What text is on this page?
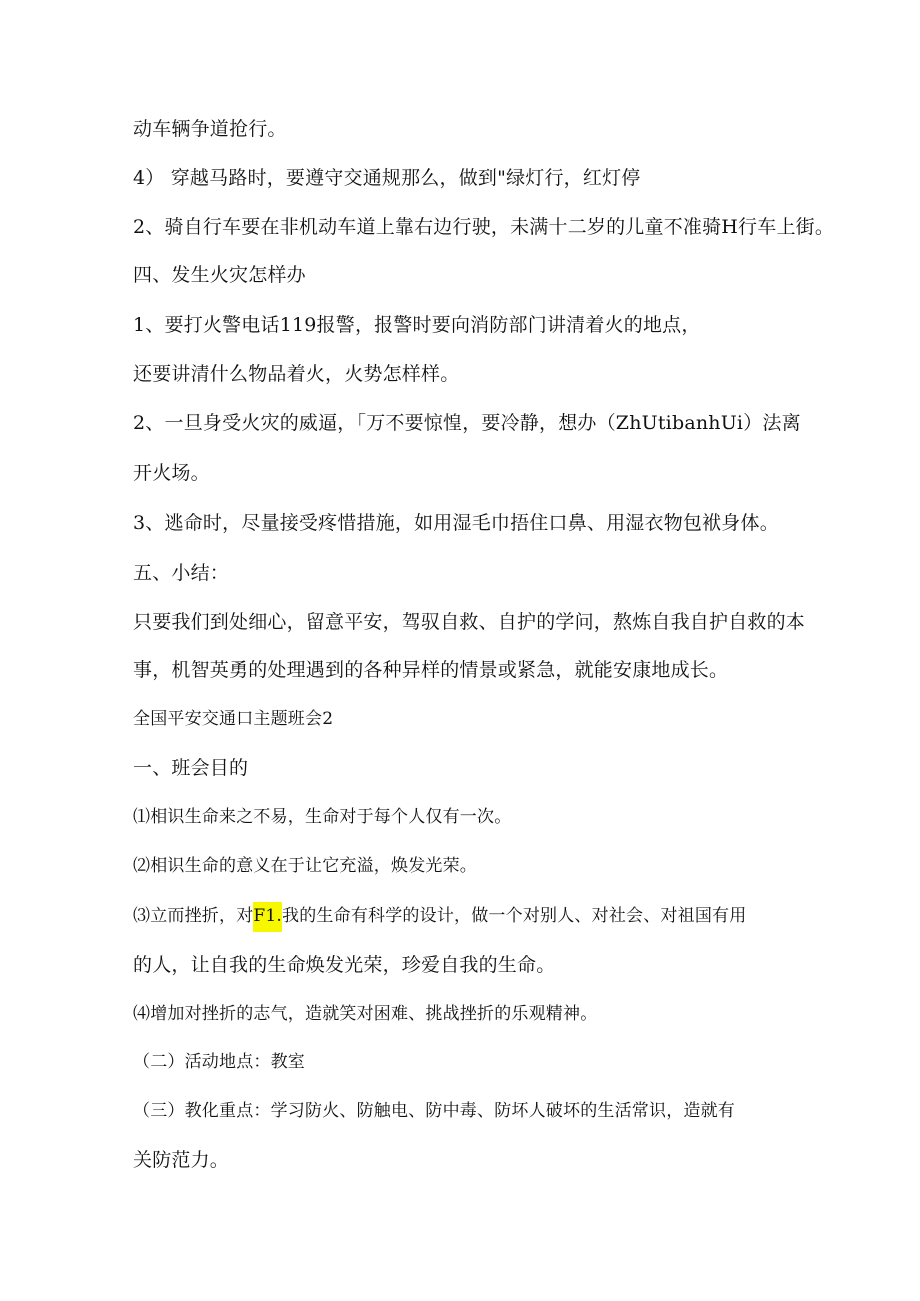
动车辆争道抢行。
4） 穿越马路时，要遵守交通规那么，做到"绿灯行，红灯停
2、骑自行车要在非机动车道上靠右边行驶，未满十二岁的儿童不准骑H行车上街。
四、发生火灾怎样办
1、要打火警电话119报警，报警时要向消防部门讲清着火的地点，
还要讲清什么物品着火，火势怎样样。
2、一旦身受火灾的威逼，「万不要惊惶，要冷静，想办（ZhUtibanhUi）法离
开火场。
3、逃命时，尽量接受疼惜措施，如用湿毛巾捂住口鼻、用湿衣物包袱身体。
五、小结：
只要我们到处细心，留意平安，驾驭自救、自护的学问，熬炼自我自护自救的本
事，机智英勇的处理遇到的各种异样的情景或紧急，就能安康地成长。
全国平安交通口主题班会2
一、班会目的
⑴相识生命来之不易，生命对于每个人仅有一次。
⑵相识生命的意义在于让它充溢，焕发光荣。
⑶立而挫折，对F1.我的生命有科学的设计，做一个对别人、对社会、对祖国有用
的人，让自我的生命焕发光荣，珍爱自我的生命。
⑷增加对挫折的志气，造就笑对困难、挑战挫折的乐观精神。
（二）活动地点：教室
（三）教化重点：学习防火、防触电、防中毒、防坏人破坏的生活常识，造就有
关防范力。
